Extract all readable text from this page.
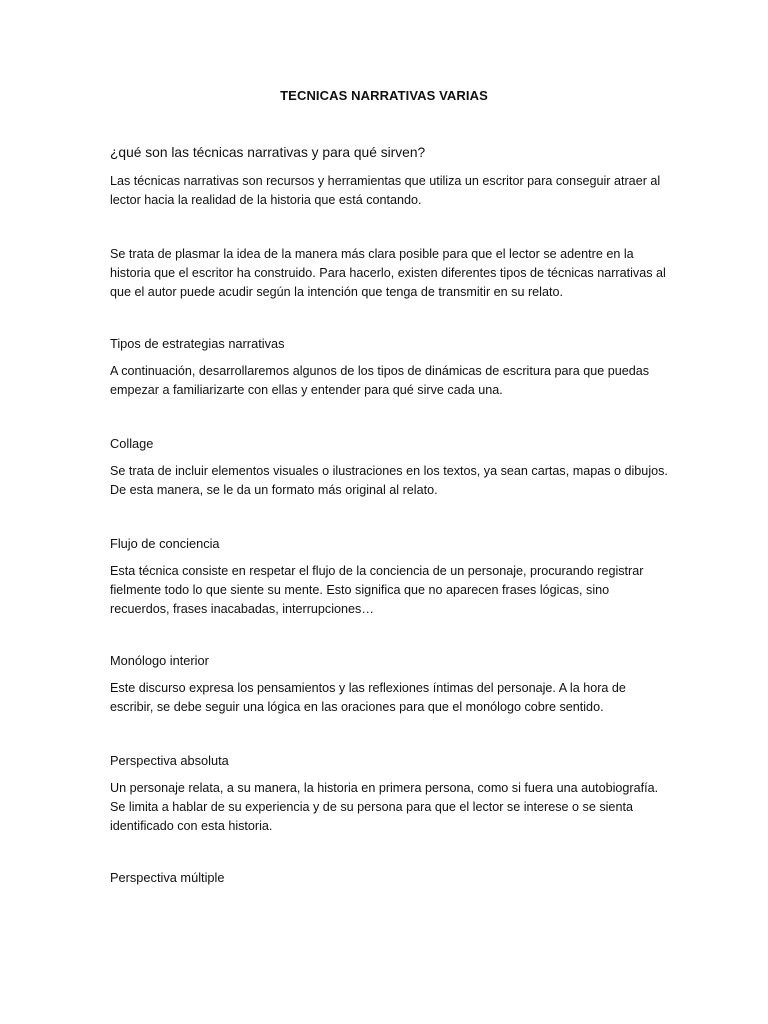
TECNICAS NARRATIVAS VARIAS

¿qué son las técnicas narrativas y para qué sirven?

Las técnicas narrativas son recursos y herramientas que utiliza un escritor para conseguir atraer al lector hacia la realidad de la historia que está contando.

Se trata de plasmar la idea de la manera más clara posible para que el lector se adentre en la historia que el escritor ha construido. Para hacerlo, existen diferentes tipos de técnicas narrativas al que el autor puede acudir según la intención que tenga de transmitir en su relato.

Tipos de estrategias narrativas

A continuación, desarrollaremos algunos de los tipos de dinámicas de escritura para que puedas empezar a familiarizarte con ellas y entender para qué sirve cada una.

Collage

Se trata de incluir elementos visuales o ilustraciones en los textos, ya sean cartas, mapas o dibujos. De esta manera, se le da un formato más original al relato.

Flujo de conciencia

Esta técnica consiste en respetar el flujo de la conciencia de un personaje, procurando registrar fielmente todo lo que siente su mente. Esto significa que no aparecen frases lógicas, sino recuerdos, frases inacabadas, interrupciones…

Monólogo interior

Este discurso expresa los pensamientos y las reflexiones íntimas del personaje. A la hora de escribir, se debe seguir una lógica en las oraciones para que el monólogo cobre sentido.

Perspectiva absoluta

Un personaje relata, a su manera, la historia en primera persona, como si fuera una autobiografía. Se limita a hablar de su experiencia y de su persona para que el lector se interese o se sienta identificado con esta historia.

Perspectiva múltiple
